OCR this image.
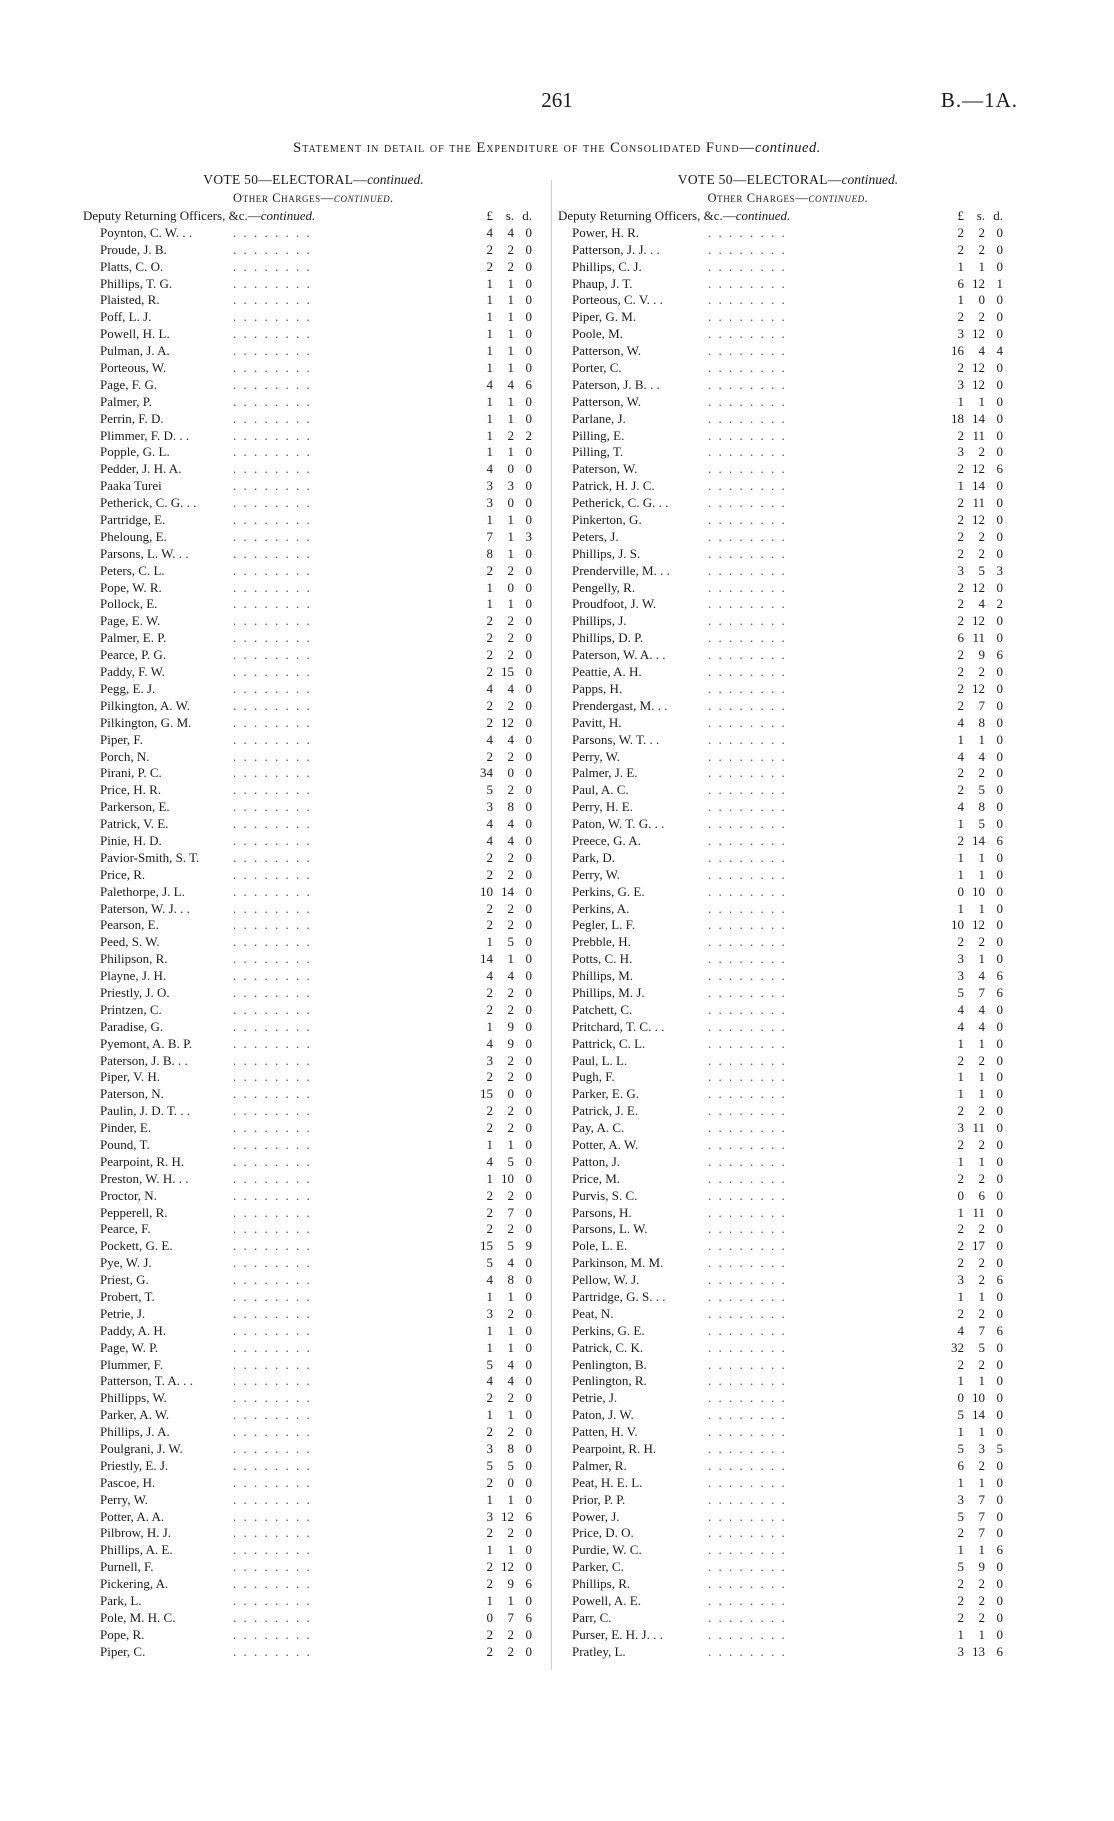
261	B.—1A.
Statement in detail of the Expenditure of the Consolidated Fund—continued.
VOTE 50—ELECTORAL—continued.
Other Charges—continued.
Deputy Returning Officers, &c.—continued.	£ s. d.
Poynton, C. W. . .	. . . . . . . .	4	4 0
Proude, J. B.	. . . . . . . .	2	2 0
Platts, C. O.	. . . . . . . .	2	2 0
Phillips, T. G.	. . . . . . . .	1	1 0
Plaisted, R.	. . . . . . . .	1	1 0
Poff, L. J.	. . . . . . . .	1	1 0
Powell, H. L.	. . . . . . . .	1	1 0
Pulman, J. A.	. . . . . . . .	1	1 0
Porteous, W.	. . . . . . . .	1	1 0
Page, F. G.	. . . . . . . .	4	4 6
Palmer, P.	. . . . . . . .	1	1 0
Perrin, F. D.	. . . . . . . .	1	1 0
Plimmer, F. D. . .	. . . . . . . .	1	2 2
Popple, G. L.	. . . . . . . .	1	1 0
Pedder, J. H. A.	. . . . . . . .	4	0 0
Paaka Turei	. . . . . . . .	3	3 0
Petherick, C. G. . .	. . . . . . . .	3	0 0
Partridge, E.	. . . . . . . .	1	1 0
Pheloung, E.	. . . . . . . .	7	1 3
Parsons, L. W. . .	. . . . . . . .	8	1 0
Peters, C. L.	. . . . . . . .	2	2 0
Pope, W. R.	. . . . . . . .	1	0 0
Pollock, E.	. . . . . . . .	1	1 0
Page, E. W.	. . . . . . . .	2	2 0
Palmer, E. P.	. . . . . . . .	2	2 0
Pearce, P. G.	. . . . . . . .	2	2 0
Paddy, F. W.	. . . . . . . .	2 15 0
Pegg, E. J.	. . . . . . . .	4	4 0
Pilkington, A. W.	. . . . . . . .	2	2 0
Pilkington, G. M.	. . . . . . . .	2 12 0
Piper, F.	. . . . . . . .	4	4 0
Porch, N.	. . . . . . . .	2	2 0
Pirani, P. C.	. . . . . . . .	34	0 0
Price, H. R.	. . . . . . . .	5	2 0
Parkerson, E.	. . . . . . . .	3	8 0
Patrick, V. E.	. . . . . . . .	4	4 0
Pinie, H. D.	. . . . . . . .	4	4 0
Pavior-Smith, S. T.	. . . . . . . .	2	2 0
Price, R.	. . . . . . . .	2	2 0
Palethorpe, J. L.	. . . . . . . .	10 14 0
Paterson, W. J. . .	. . . . . . . .	2	2 0
Pearson, E.	. . . . . . . .	2	2 0
Peed, S. W.	. . . . . . . .	1	5 0
Philipson, R.	. . . . . . . .	14	1 0
Playne, J. H.	. . . . . . . .	4	4 0
Priestly, J. O.	. . . . . . . .	2	2 0
Printzen, C.	. . . . . . . .	2	2 0
Paradise, G.	. . . . . . . .	1	9 0
Pyemont, A. B. P.	. . . . . . . .	4	9 0
Paterson, J. B. . .	. . . . . . . .	3	2 0
Piper, V. H.	. . . . . . . .	2	2 0
Paterson, N.	. . . . . . . .	15	0 0
Paulin, J. D. T. . .	. . . . . . . .	2	2 0
Pinder, E.	. . . . . . . .	2	2 0
Pound, T.	. . . . . . . .	1	1 0
Pearpoint, R. H.	. . . . . . . .	4	5 0
Preston, W. H. . .	. . . . . . . .	1 10 0
Proctor, N.	. . . . . . . .	2	2 0
Pepperell, R.	. . . . . . . .	2	7 0
Pearce, F.	. . . . . . . .	2	2 0
Pockett, G. E.	. . . . . . . .	15	5 9
Pye, W. J.	. . . . . . . .	5	4 0
Priest, G.	. . . . . . . .	4	8 0
Probert, T.	. . . . . . . .	1	1 0
Petrie, J.	. . . . . . . .	3	2 0
Paddy, A. H.	. . . . . . . .	1	1 0
Page, W. P.	. . . . . . . .	1	1 0
Plummer, F.	. . . . . . . .	5	4 0
Patterson, T. A. . .	. . . . . . . .	4	4 0
Phillipps, W.	. . . . . . . .	2	2 0
Parker, A. W.	. . . . . . . .	1	1 0
Phillips, J. A.	. . . . . . . .	2	2 0
Poulgrani, J. W.	. . . . . . . .	3	8 0
Priestly, E. J.	. . . . . . . .	5	5 0
Pascoe, H.	. . . . . . . .	2	0 0
Perry, W.	. . . . . . . .	1	1 0
Potter, A. A.	. . . . . . . .	3 12 6
Pilbrow, H. J.	. . . . . . . .	2	2 0
Phillips, A. E.	. . . . . . . .	1	1 0
Purnell, F.	. . . . . . . .	2 12 0
Pickering, A.	. . . . . . . .	2	9 6
Park, L.	. . . . . . . .	1	1 0
Pole, M. H. C.	. . . . . . . .	0	7 6
Pope, R.	. . . . . . . .	2	2 0
Piper, C.	. . . . . . . .	2	2 0
VOTE 50—ELECTORAL—continued.
Other Charges—continued.
Deputy Returning Officers, &c.—continued.	£ s. d.
Power, H. R.	. . . . . . . .	2	2 0
Patterson, J. J. . .	. . . . . . . .	2	2 0
Phillips, C. J.	. . . . . . . .	1	1 0
Phaup, J. T.	. . . . . . . .	6 12 1
Porteous, C. V. . .	. . . . . . . .	1	0 0
Piper, G. M.	. . . . . . . .	2	2 0
Poole, M.	. . . . . . . .	3 12 0
Patterson, W.	. . . . . . . .	16	4 4
Porter, C.	. . . . . . . .	2 12 0
Paterson, J. B. . .	. . . . . . . .	3 12 0
Patterson, W.	. . . . . . . .	1	1 0
Parlane, J.	. . . . . . . .	18 14 0
Pilling, E.	. . . . . . . .	2 11 0
Pilling, T.	. . . . . . . .	3	2 0
Paterson, W.	. . . . . . . .	2 12 6
Patrick, H. J. C.	. . . . . . . .	1 14 0
Petherick, C. G. . .	. . . . . . . .	2 11 0
Pinkerton, G.	. . . . . . . .	2 12 0
Peters, J.	. . . . . . . .	2	2 0
Phillips, J. S.	. . . . . . . .	2	2 0
Prenderville, M. . .	. . . . . . . .	3	5 3
Pengelly, R.	. . . . . . . .	2 12 0
Proudfoot, J. W.	. . . . . . . .	2	4 2
Phillips, J.	. . . . . . . .	2 12 0
Phillips, D. P.	. . . . . . . .	6 11 0
Paterson, W. A. . .	. . . . . . . .	2	9 6
Peattie, A. H.	. . . . . . . .	2	2 0
Papps, H.	. . . . . . . .	2 12 0
Prendergast, M. . .	. . . . . . . .	2	7 0
Pavitt, H.	. . . . . . . .	4	8 0
Parsons, W. T. . .	. . . . . . . .	1	1 0
Perry, W.	. . . . . . . .	4	4 0
Palmer, J. E.	. . . . . . . .	2	2 0
Paul, A. C.	. . . . . . . .	2	5 0
Perry, H. E.	. . . . . . . .	4	8 0
Paton, W. T. G. . .	. . . . . . . .	1	5 0
Preece, G. A.	. . . . . . . .	2 14 6
Park, D.	. . . . . . . .	1	1 0
Perry, W.	. . . . . . . .	1	1 0
Perkins, G. E.	. . . . . . . .	0 10 0
Perkins, A.	. . . . . . . .	1	1 0
Pegler, L. F.	. . . . . . . .	10 12 0
Prebble, H.	. . . . . . . .	2	2 0
Potts, C. H.	. . . . . . . .	3	1 0
Phillips, M.	. . . . . . . .	3	4 6
Phillips, M. J.	. . . . . . . .	5	7 6
Patchett, C.	. . . . . . . .	4	4 0
Pritchard, T. C. . .	. . . . . . . .	4	4 0
Pattrick, C. L.	. . . . . . . .	1	1 0
Paul, L. L.	. . . . . . . .	2	2 0
Pugh, F.	. . . . . . . .	1	1 0
Parker, E. G.	. . . . . . . .	1	1 0
Patrick, J. E.	. . . . . . . .	2	2 0
Pay, A. C.	. . . . . . . .	3 11 0
Potter, A. W.	. . . . . . . .	2	2 0
Patton, J.	. . . . . . . .	1	1 0
Price, M.	. . . . . . . .	2	2 0
Purvis, S. C.	. . . . . . . .	0	6 0
Parsons, H.	. . . . . . . .	1 11 0
Parsons, L. W.	. . . . . . . .	2	2 0
Pole, L. E.	. . . . . . . .	2 17 0
Parkinson, M. M.	. . . . . . . .	2	2 0
Pellow, W. J.	. . . . . . . .	3	2 6
Partridge, G. S. . .	. . . . . . . .	1	1 0
Peat, N.	. . . . . . . .	2	2 0
Perkins, G. E.	. . . . . . . .	4	7 6
Patrick, C. K.	. . . . . . . .	32	5 0
Penlington, B.	. . . . . . . .	2	2 0
Penlington, R.	. . . . . . . .	1	1 0
Petrie, J.	. . . . . . . .	0 10 0
Paton, J. W.	. . . . . . . .	5 14 0
Patten, H. V.	. . . . . . . .	1	1 0
Pearpoint, R. H.	. . . . . . . .	5	3 5
Palmer, R.	. . . . . . . .	6	2 0
Peat, H. E. L.	. . . . . . . .	1	1 0
Prior, P. P.	. . . . . . . .	3	7 0
Power, J.	. . . . . . . .	5	7 0
Price, D. O.	. . . . . . . .	2	7 0
Purdie, W. C.	. . . . . . . .	1	1 6
Parker, C.	. . . . . . . .	5	9 0
Phillips, R.	. . . . . . . .	2	2 0
Powell, A. E.	. . . . . . . .	2	2 0
Parr, C.	. . . . . . . .	2	2 0
Purser, E. H. J. . .	. . . . . . . .	1	1 0
Pratley, L.	. . . . . . . .	3 13 6
